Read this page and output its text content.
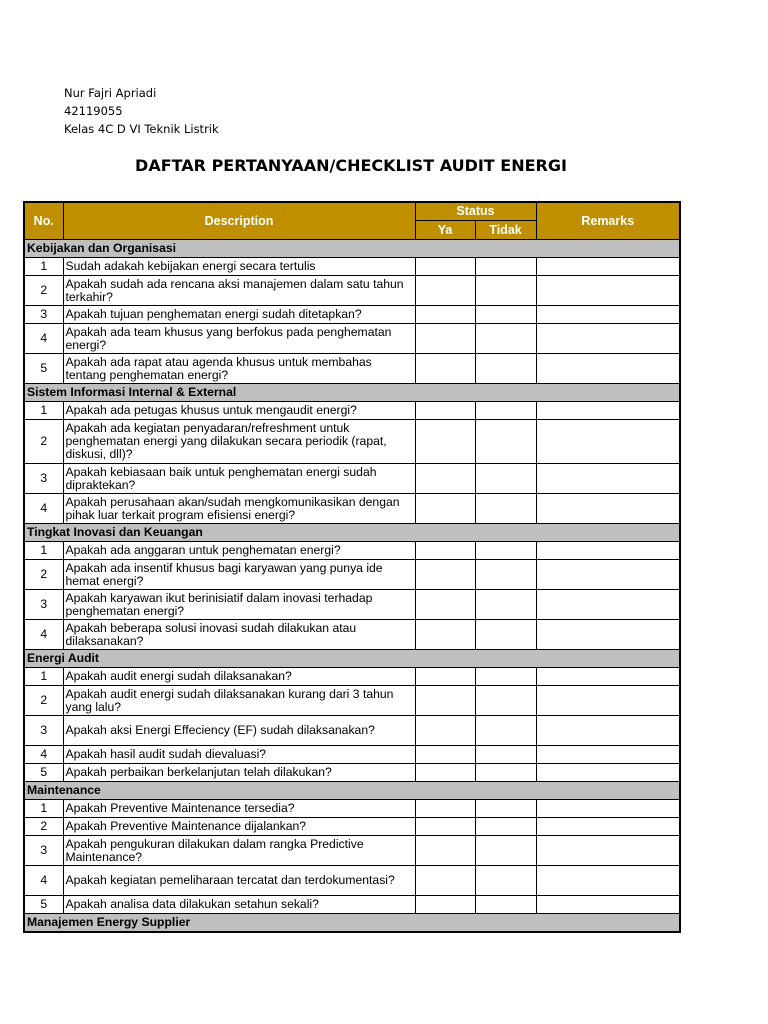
Nur Fajri Apriadi
42119055
Kelas 4C D VI Teknik Listrik
DAFTAR PERTANYAAN/CHECKLIST AUDIT ENERGI
No.	Description	Status		Remarks
		Ya	Tidak	
Kebijakan dan Organisasi				
1	Sudah adakah kebijakan energi secara tertulis			
2	Apakah sudah ada rencana aksi manajemen dalam satu tahun terkahir?			
3	Apakah tujuan penghematan energi sudah ditetapkan?			
4	Apakah ada team khusus yang berfokus pada penghematan energi?			
5	Apakah ada rapat atau agenda khusus untuk membahas tentang penghematan energi?			
Sistem Informasi Internal & External				
1	Apakah ada petugas khusus untuk mengaudit energi?			
2	Apakah ada kegiatan penyadaran/refreshment untuk penghematan energi yang dilakukan secara periodik (rapat, diskusi, dll)?			
3	Apakah kebiasaan baik untuk penghematan energi sudah dipraktekan?			
4	Apakah perusahaan akan/sudah mengkomunikasikan dengan pihak luar terkait program efisiensi energi?			
Tingkat Inovasi dan Keuangan				
1	Apakah ada anggaran untuk penghematan energi?			
2	Apakah ada insentif khusus bagi karyawan yang punya ide hemat energi?			
3	Apakah karyawan ikut berinisiatif dalam inovasi terhadap penghematan energi?			
4	Apakah beberapa solusi inovasi sudah dilakukan atau dilaksanakan?			
Energi Audit				
1	Apakah audit energi sudah dilaksanakan?			
2	Apakah audit energi sudah dilaksanakan kurang dari 3 tahun yang lalu?			
3	Apakah aksi Energi Effeciency (EF) sudah dilaksanakan?			
4	Apakah hasil audit sudah dievaluasi?			
5	Apakah perbaikan berkelanjutan telah dilakukan?			
Maintenance				
1	Apakah Preventive Maintenance tersedia?			
2	Apakah Preventive Maintenance dijalankan?			
3	Apakah pengukuran dilakukan dalam rangka Predictive Maintenance?			
4	Apakah kegiatan pemeliharaan tercatat dan terdokumentasi?			
5	Apakah analisa data dilakukan setahun sekali?			
Manajemen Energy Supplier				
